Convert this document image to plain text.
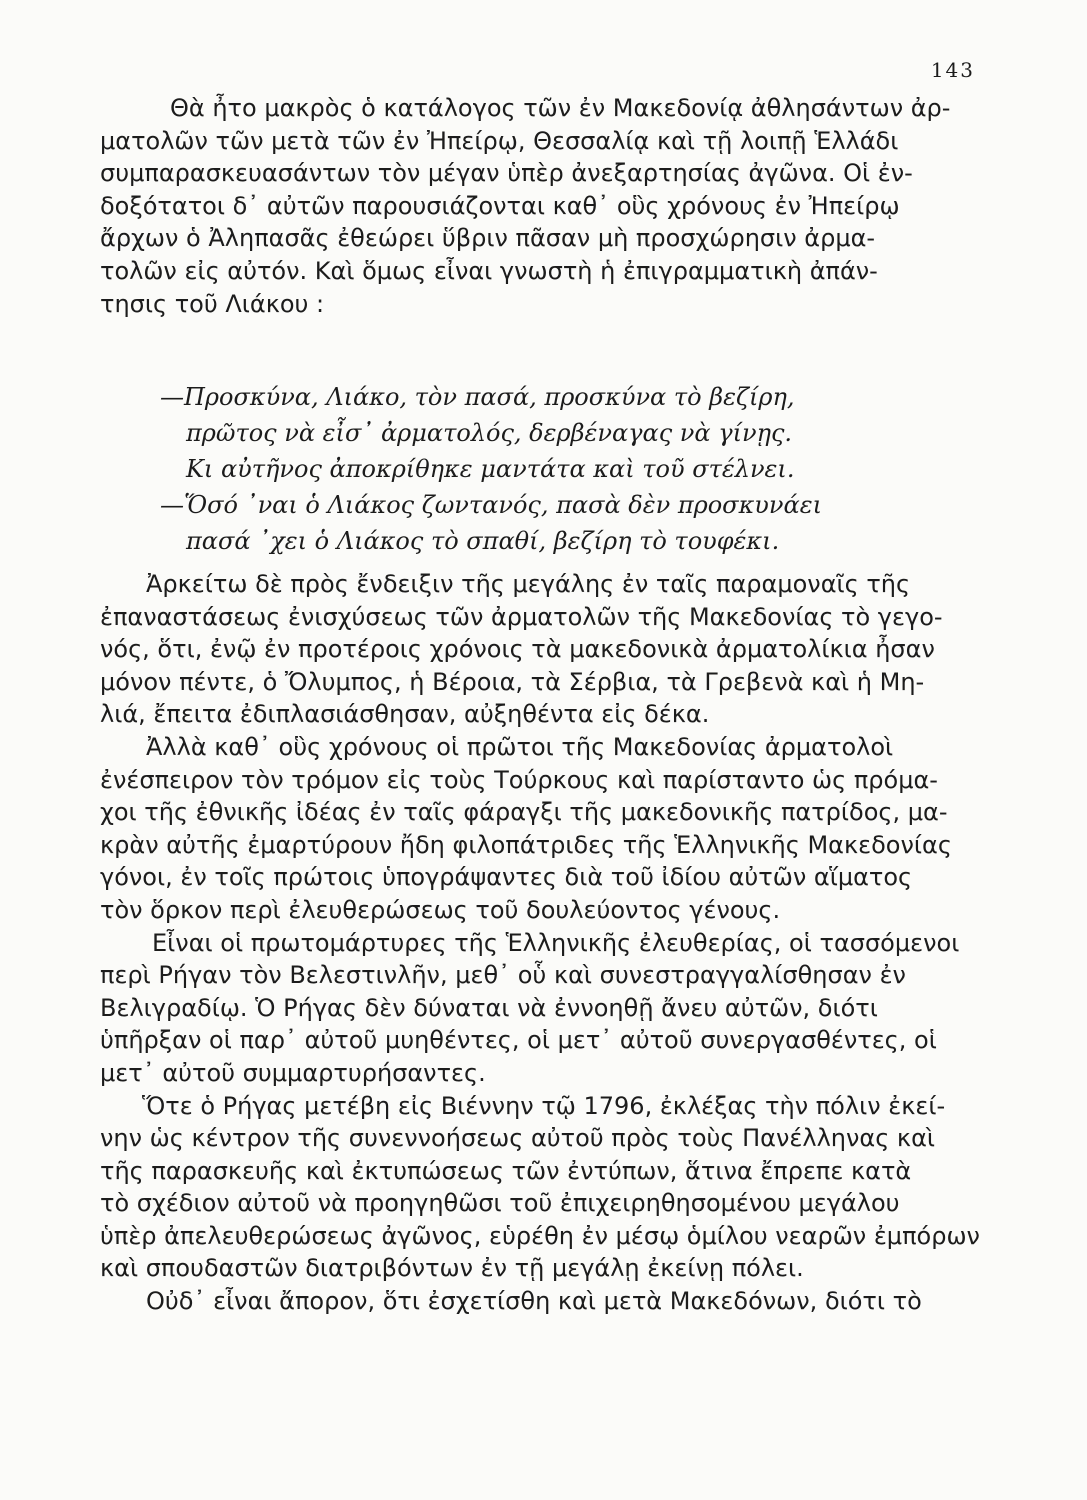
143
Θὰ ἦτο μακρὸς ὁ κατάλογος τῶν ἐν Μακεδονίᾳ ἀθλησάντων ἀρ-
ματολῶν τῶν μετὰ τῶν ἐν Ἠπείρῳ, Θεσσαλίᾳ καὶ τῇ λοιπῇ Ἑλλάδι
συμπαρασκευασάντων τὸν μέγαν ὑπὲρ ἀνεξαρτησίας ἀγῶνα. Οἱ ἐν-
δοξότατοι δ᾽ αὐτῶν παρουσιάζονται καθ᾽ οὓς χρόνους ἐν Ἠπείρῳ
ἄρχων ὁ Ἀληπασᾶς ἐθεώρει ὕβριν πᾶσαν μὴ προσχώρησιν ἀρμα-
τολῶν εἰς αὐτόν. Καὶ ὅμως εἶναι γνωστὴ ἡ ἐπιγραμματικὴ ἀπάν-
τησις τοῦ Λιάκου :
—Προσκύνα, Λιάκο, τὸν πασά, προσκύνα τὸ βεζίρη,
πρῶτος νὰ εἶσ᾽ ἀρματολός, δερβέναγας νὰ γίνῃς.
Κι αὐτῆνος ἀποκρίθηκε μαντάτα καὶ τοῦ στέλνει.
—Ὅσό ᾽ναι ὁ Λιάκος ζωντανός, πασὰ δὲν προσκυνάει
πασά ᾽χει ὁ Λιάκος τὸ σπαθί, βεζίρη τὸ τουφέκι.
Ἀρκείτω δὲ πρὸς ἔνδειξιν τῆς μεγάλης ἐν ταῖς παραμοναῖς τῆς
ἐπαναστάσεως ἐνισχύσεως τῶν ἀρματολῶν τῆς Μακεδονίας τὸ γεγο-
νός, ὅτι, ἐνῷ ἐν προτέροις χρόνοις τὰ μακεδονικὰ ἀρματολίκια ἦσαν
μόνον πέντε, ὁ Ὄλυμπος, ἡ Βέροια, τὰ Σέρβια, τὰ Γρεβενὰ καὶ ἡ Μη-
λιά, ἔπειτα ἐδιπλασιάσθησαν, αὐξηθέντα εἰς δέκα.
Ἀλλὰ καθ᾽ οὓς χρόνους οἱ πρῶτοι τῆς Μακεδονίας ἀρματολοὶ
ἐνέσπειρον τὸν τρόμον εἰς τοὺς Τούρκους καὶ παρίσταντο ὡς πρόμα-
χοι τῆς ἐθνικῆς ἰδέας ἐν ταῖς φάραγξι τῆς μακεδονικῆς πατρίδος, μα-
κρὰν αὐτῆς ἐμαρτύρουν ἤδη φιλοπάτριδες τῆς Ἑλληνικῆς Μακεδονίας
γόνοι, ἐν τοῖς πρώτοις ὑπογράψαντες διὰ τοῦ ἰδίου αὐτῶν αἵματος
τὸν ὅρκον περὶ ἐλευθερώσεως τοῦ δουλεύοντος γένους.
Εἶναι οἱ πρωτομάρτυρες τῆς Ἑλληνικῆς ἐλευθερίας, οἱ τασσόμενοι
περὶ Ρήγαν τὸν Βελεστινλῆν, μεθ᾽ οὗ καὶ συνεστραγγαλίσθησαν ἐν
Βελιγραδίῳ. Ὁ Ρήγας δὲν δύναται νὰ ἐννοηθῇ ἄνευ αὐτῶν, διότι
ὑπῆρξαν οἱ παρ᾽ αὐτοῦ μυηθέντες, οἱ μετ᾽ αὐτοῦ συνεργασθέντες, οἱ
μετ᾽ αὐτοῦ συμμαρτυρήσαντες.
Ὅτε ὁ Ρήγας μετέβη εἰς Βιέννην τῷ 1796, ἐκλέξας τὴν πόλιν ἐκεί-
νην ὡς κέντρον τῆς συνεννοήσεως αὐτοῦ πρὸς τοὺς Πανέλληνας καὶ
τῆς παρασκευῆς καὶ ἐκτυπώσεως τῶν ἐντύπων, ἅτινα ἔπρεπε κατὰ
τὸ σχέδιον αὐτοῦ νὰ προηγηθῶσι τοῦ ἐπιχειρηθησομένου μεγάλου
ὑπὲρ ἀπελευθερώσεως ἀγῶνος, εὑρέθη ἐν μέσῳ ὁμίλου νεαρῶν ἐμπόρων
καὶ σπουδαστῶν διατριβόντων ἐν τῇ μεγάλῃ ἐκείνῃ πόλει.
Οὐδ᾽ εἶναι ἄπορον, ὅτι ἐσχετίσθη καὶ μετὰ Μακεδόνων, διότι τὸ
